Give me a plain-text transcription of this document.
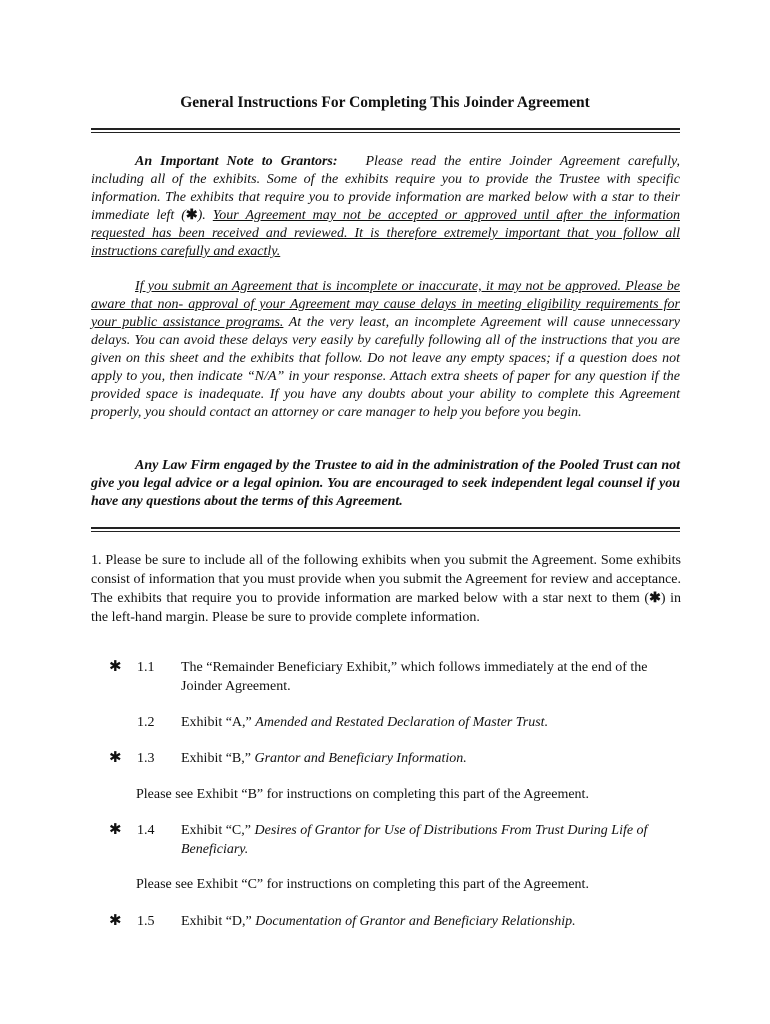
General Instructions For Completing This Joinder Agreement
An Important Note to Grantors: Please read the entire Joinder Agreement carefully, including all of the exhibits. Some of the exhibits require you to provide the Trustee with specific information. The exhibits that require you to provide information are marked below with a star to their immediate left (✱). Your Agreement may not be accepted or approved until after the information requested has been received and reviewed. It is therefore extremely important that you follow all instructions carefully and exactly.
If you submit an Agreement that is incomplete or inaccurate, it may not be approved. Please be aware that non- approval of your Agreement may cause delays in meeting eligibility requirements for your public assistance programs. At the very least, an incomplete Agreement will cause unnecessary delays. You can avoid these delays very easily by carefully following all of the instructions that you are given on this sheet and the exhibits that follow. Do not leave any empty spaces; if a question does not apply to you, then indicate “N/A” in your response. Attach extra sheets of paper for any question if the provided space is inadequate. If you have any doubts about your ability to complete this Agreement properly, you should contact an attorney or care manager to help you before you begin.
Any Law Firm engaged by the Trustee to aid in the administration of the Pooled Trust can not give you legal advice or a legal opinion. You are encouraged to seek independent legal counsel if you have any questions about the terms of this Agreement.
1. Please be sure to include all of the following exhibits when you submit the Agreement. Some exhibits consist of information that you must provide when you submit the Agreement for review and acceptance. The exhibits that require you to provide information are marked below with a star next to them (✱) in the left-hand margin. Please be sure to provide complete information.
✱ 1.1 The “Remainder Beneficiary Exhibit,” which follows immediately at the end of the Joinder Agreement.
1.2 Exhibit “A,” Amended and Restated Declaration of Master Trust.
✱ 1.3 Exhibit “B,” Grantor and Beneficiary Information.
Please see Exhibit “B” for instructions on completing this part of the Agreement.
✱ 1.4 Exhibit “C,” Desires of Grantor for Use of Distributions From Trust During Life of Beneficiary.
Please see Exhibit “C” for instructions on completing this part of the Agreement.
✱ 1.5 Exhibit “D,” Documentation of Grantor and Beneficiary Relationship.
